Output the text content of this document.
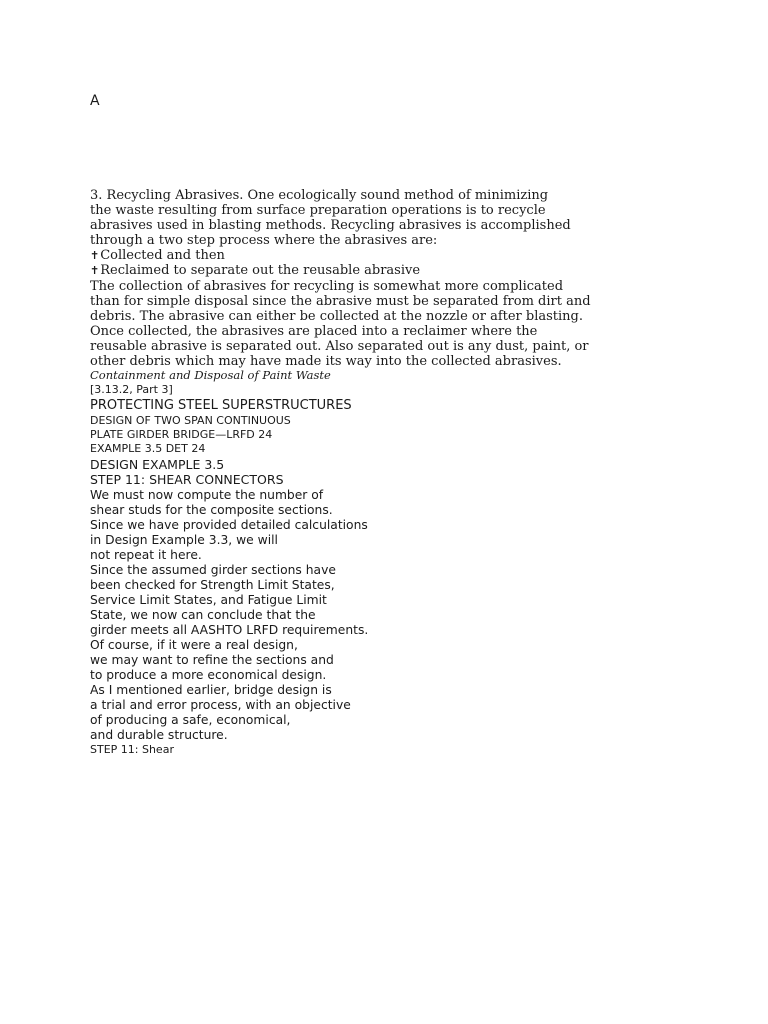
A
3. Recycling Abrasives. One ecologically sound method of minimizing
the waste resulting from surface preparation operations is to recycle
abrasives used in blasting methods. Recycling abrasives is accomplished
through a two step process where the abrasives are:
✝Collected and then
✝Reclaimed to separate out the reusable abrasive
The collection of abrasives for recycling is somewhat more complicated
than for simple disposal since the abrasive must be separated from dirt and
debris. The abrasive can either be collected at the nozzle or after blasting.
Once collected, the abrasives are placed into a reclaimer where the
reusable abrasive is separated out. Also separated out is any dust, paint, or
other debris which may have made its way into the collected abrasives.
Containment and Disposal of Paint Waste
[3.13.2, Part 3]
PROTECTING STEEL SUPERSTRUCTURES
DESIGN OF TWO SPAN CONTINUOUS
PLATE GIRDER BRIDGE—LRFD 24
EXAMPLE 3.5 DET 24
DESIGN EXAMPLE 3.5
STEP 11: SHEAR CONNECTORS
We must now compute the number of
shear studs for the composite sections.
Since we have provided detailed calculations
in Design Example 3.3, we will
not repeat it here.
Since the assumed girder sections have
been checked for Strength Limit States,
Service Limit States, and Fatigue Limit
State, we now can conclude that the
girder meets all AASHTO LRFD requirements.
Of course, if it were a real design,
we may want to refine the sections and
to produce a more economical design.
As I mentioned earlier, bridge design is
a trial and error process, with an objective
of producing a safe, economical,
and durable structure.
STEP 11: Shear
